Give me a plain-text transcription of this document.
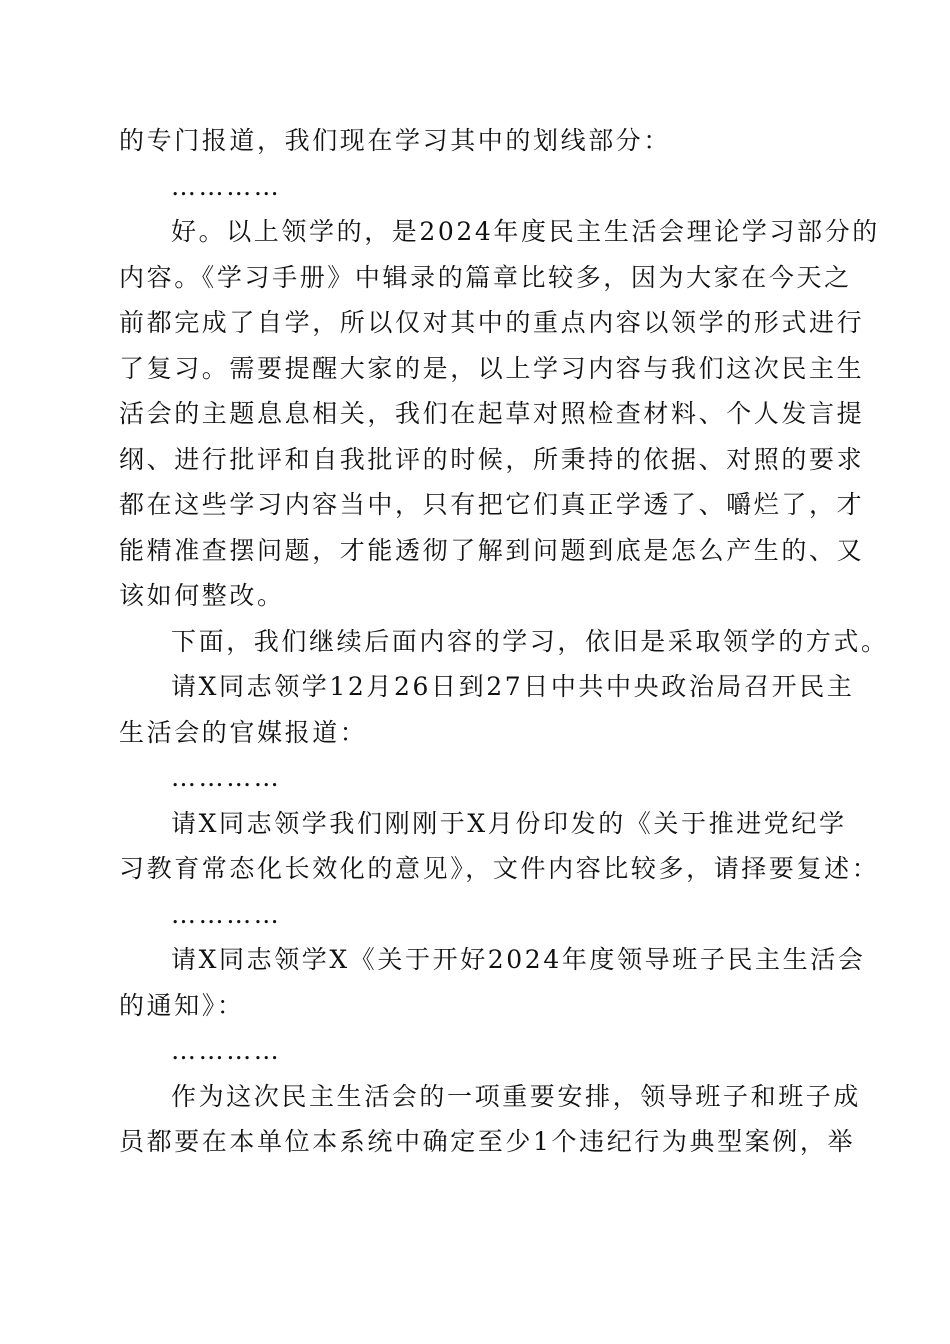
的专门报道，我们现在学习其中的划线部分：
…………
好。以上领学的，是2024年度民主生活会理论学习部分的
内容。《学习手册》中辑录的篇章比较多，因为大家在今天之
前都完成了自学，所以仅对其中的重点内容以领学的形式进行
了复习。需要提醒大家的是，以上学习内容与我们这次民主生
活会的主题息息相关，我们在起草对照检查材料、个人发言提
纲、进行批评和自我批评的时候，所秉持的依据、对照的要求
都在这些学习内容当中，只有把它们真正学透了、嚼烂了，才
能精准查摆问题，才能透彻了解到问题到底是怎么产生的、又
该如何整改。
下面，我们继续后面内容的学习，依旧是采取领学的方式。
请X同志领学12月26日到27日中共中央政治局召开民主
生活会的官媒报道：
…………
请X同志领学我们刚刚于X月份印发的《关于推进党纪学
习教育常态化长效化的意见》，文件内容比较多，请择要复述：
…………
请X同志领学X《关于开好2024年度领导班子民主生活会
的通知》：
…………
作为这次民主生活会的一项重要安排，领导班子和班子成
员都要在本单位本系统中确定至少1个违纪行为典型案例，举
